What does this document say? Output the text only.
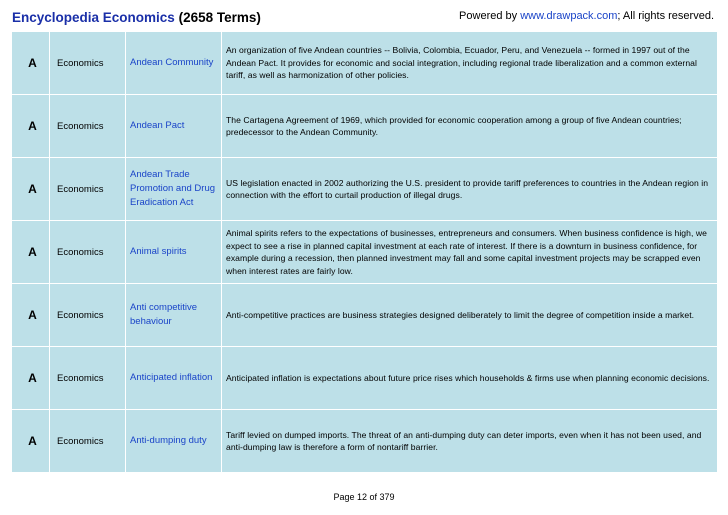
Encyclopedia Economics (2658 Terms)	Powered by www.drawpack.com; All rights reserved.
A	Economics	Andean Community	An organization of five Andean countries -- Bolivia, Colombia, Ecuador, Peru, and Venezuela -- formed in 1997 out of the Andean Pact. It provides for economic and social integration, including regional trade liberalization and a common external tariff, as well as harmonization of other policies.
A	Economics	Andean Pact	The Cartagena Agreement of 1969, which provided for economic cooperation among a group of five Andean countries; predecessor to the Andean Community.
A	Economics	Andean Trade Promotion and Drug Eradication Act	US legislation enacted in 2002 authorizing the U.S. president to provide tariff preferences to countries in the Andean region in connection with the effort to curtail production of illegal drugs.
A	Economics	Animal spirits	Animal spirits refers to the expectations of businesses, entrepreneurs and consumers. When business confidence is high, we expect to see a rise in planned capital investment at each rate of interest. If there is a downturn in business confidence, for example during a recession, then planned investment may fall and some capital investment projects may be scrapped even when interest rates are fairly low.
A	Economics	Anti competitive behaviour	Anti-competitive practices are business strategies designed deliberately to limit the degree of competition inside a market.
A	Economics	Anticipated inflation	Anticipated inflation is expectations about future price rises which households & firms use when planning economic decisions.
A	Economics	Anti-dumping duty	Tariff levied on dumped imports. The threat of an anti-dumping duty can deter imports, even when it has not been used, and anti-dumping law is therefore a form of nontariff barrier.
Page 12 of 379
